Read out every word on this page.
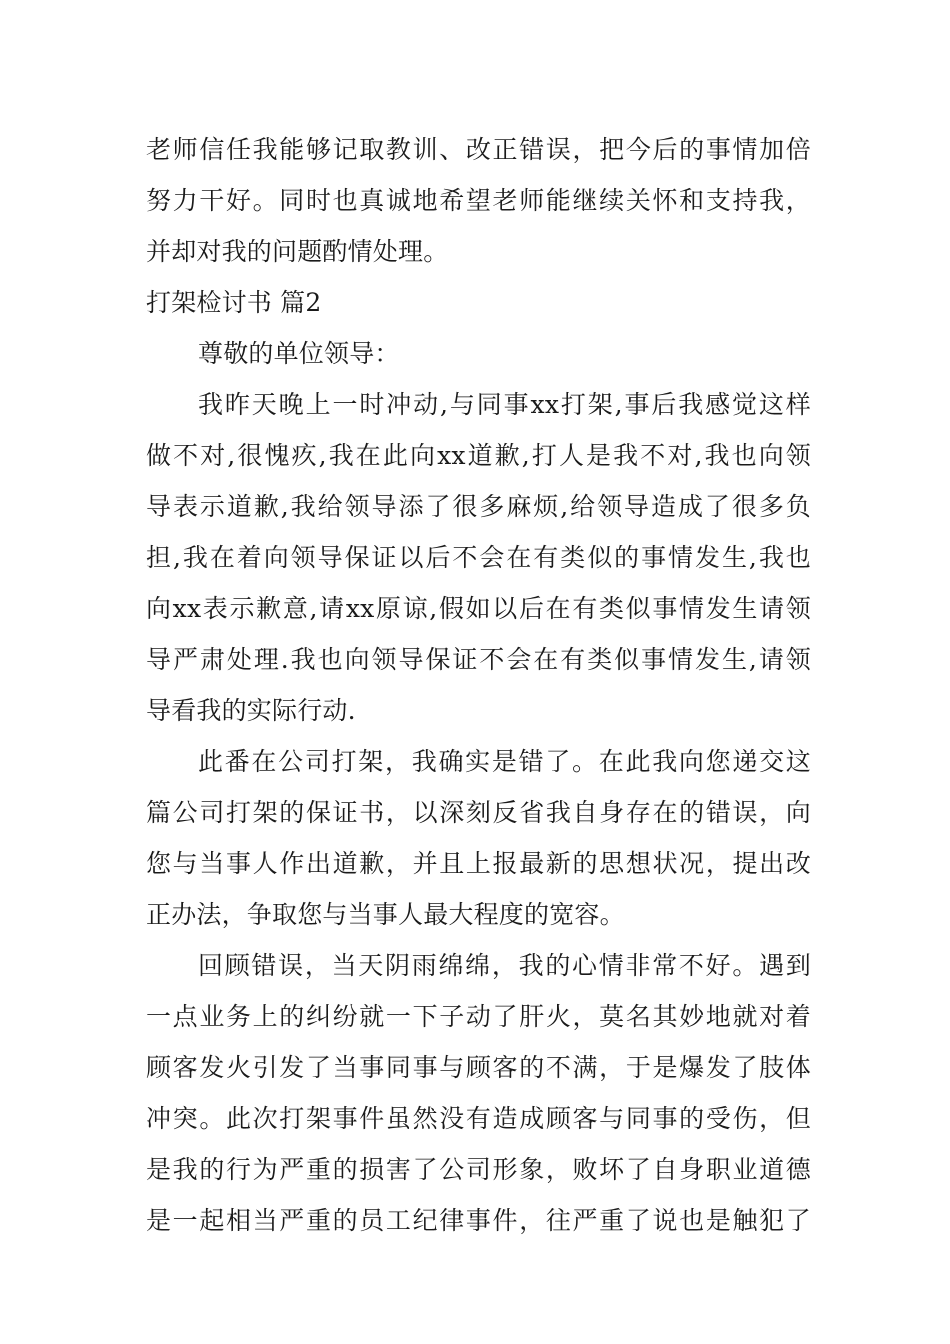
老师信任我能够记取教训、改正错误，把今后的事情加倍
努力干好。同时也真诚地希望老师能继续关怀和支持我，
并却对我的问题酌情处理。
打架检讨书 篇2
尊敬的单位领导：
我昨天晚上一时冲动,与同事xx打架,事后我感觉这样
做不对,很愧疚,我在此向xx道歉,打人是我不对,我也向领
导表示道歉,我给领导添了很多麻烦,给领导造成了很多负
担,我在着向领导保证以后不会在有类似的事情发生,我也
向xx表示歉意,请xx原谅,假如以后在有类似事情发生请领
导严肃处理.我也向领导保证不会在有类似事情发生,请领
导看我的实际行动.
此番在公司打架，我确实是错了。在此我向您递交这
篇公司打架的保证书，以深刻反省我自身存在的错误，向
您与当事人作出道歉，并且上报最新的思想状况，提出改
正办法，争取您与当事人最大程度的宽容。
回顾错误，当天阴雨绵绵，我的心情非常不好。遇到
一点业务上的纠纷就一下子动了肝火，莫名其妙地就对着
顾客发火引发了当事同事与顾客的不满，于是爆发了肢体
冲突。此次打架事件虽然没有造成顾客与同事的受伤，但
是我的行为严重的损害了公司形象，败坏了自身职业道德
是一起相当严重的员工纪律事件，往严重了说也是触犯了
